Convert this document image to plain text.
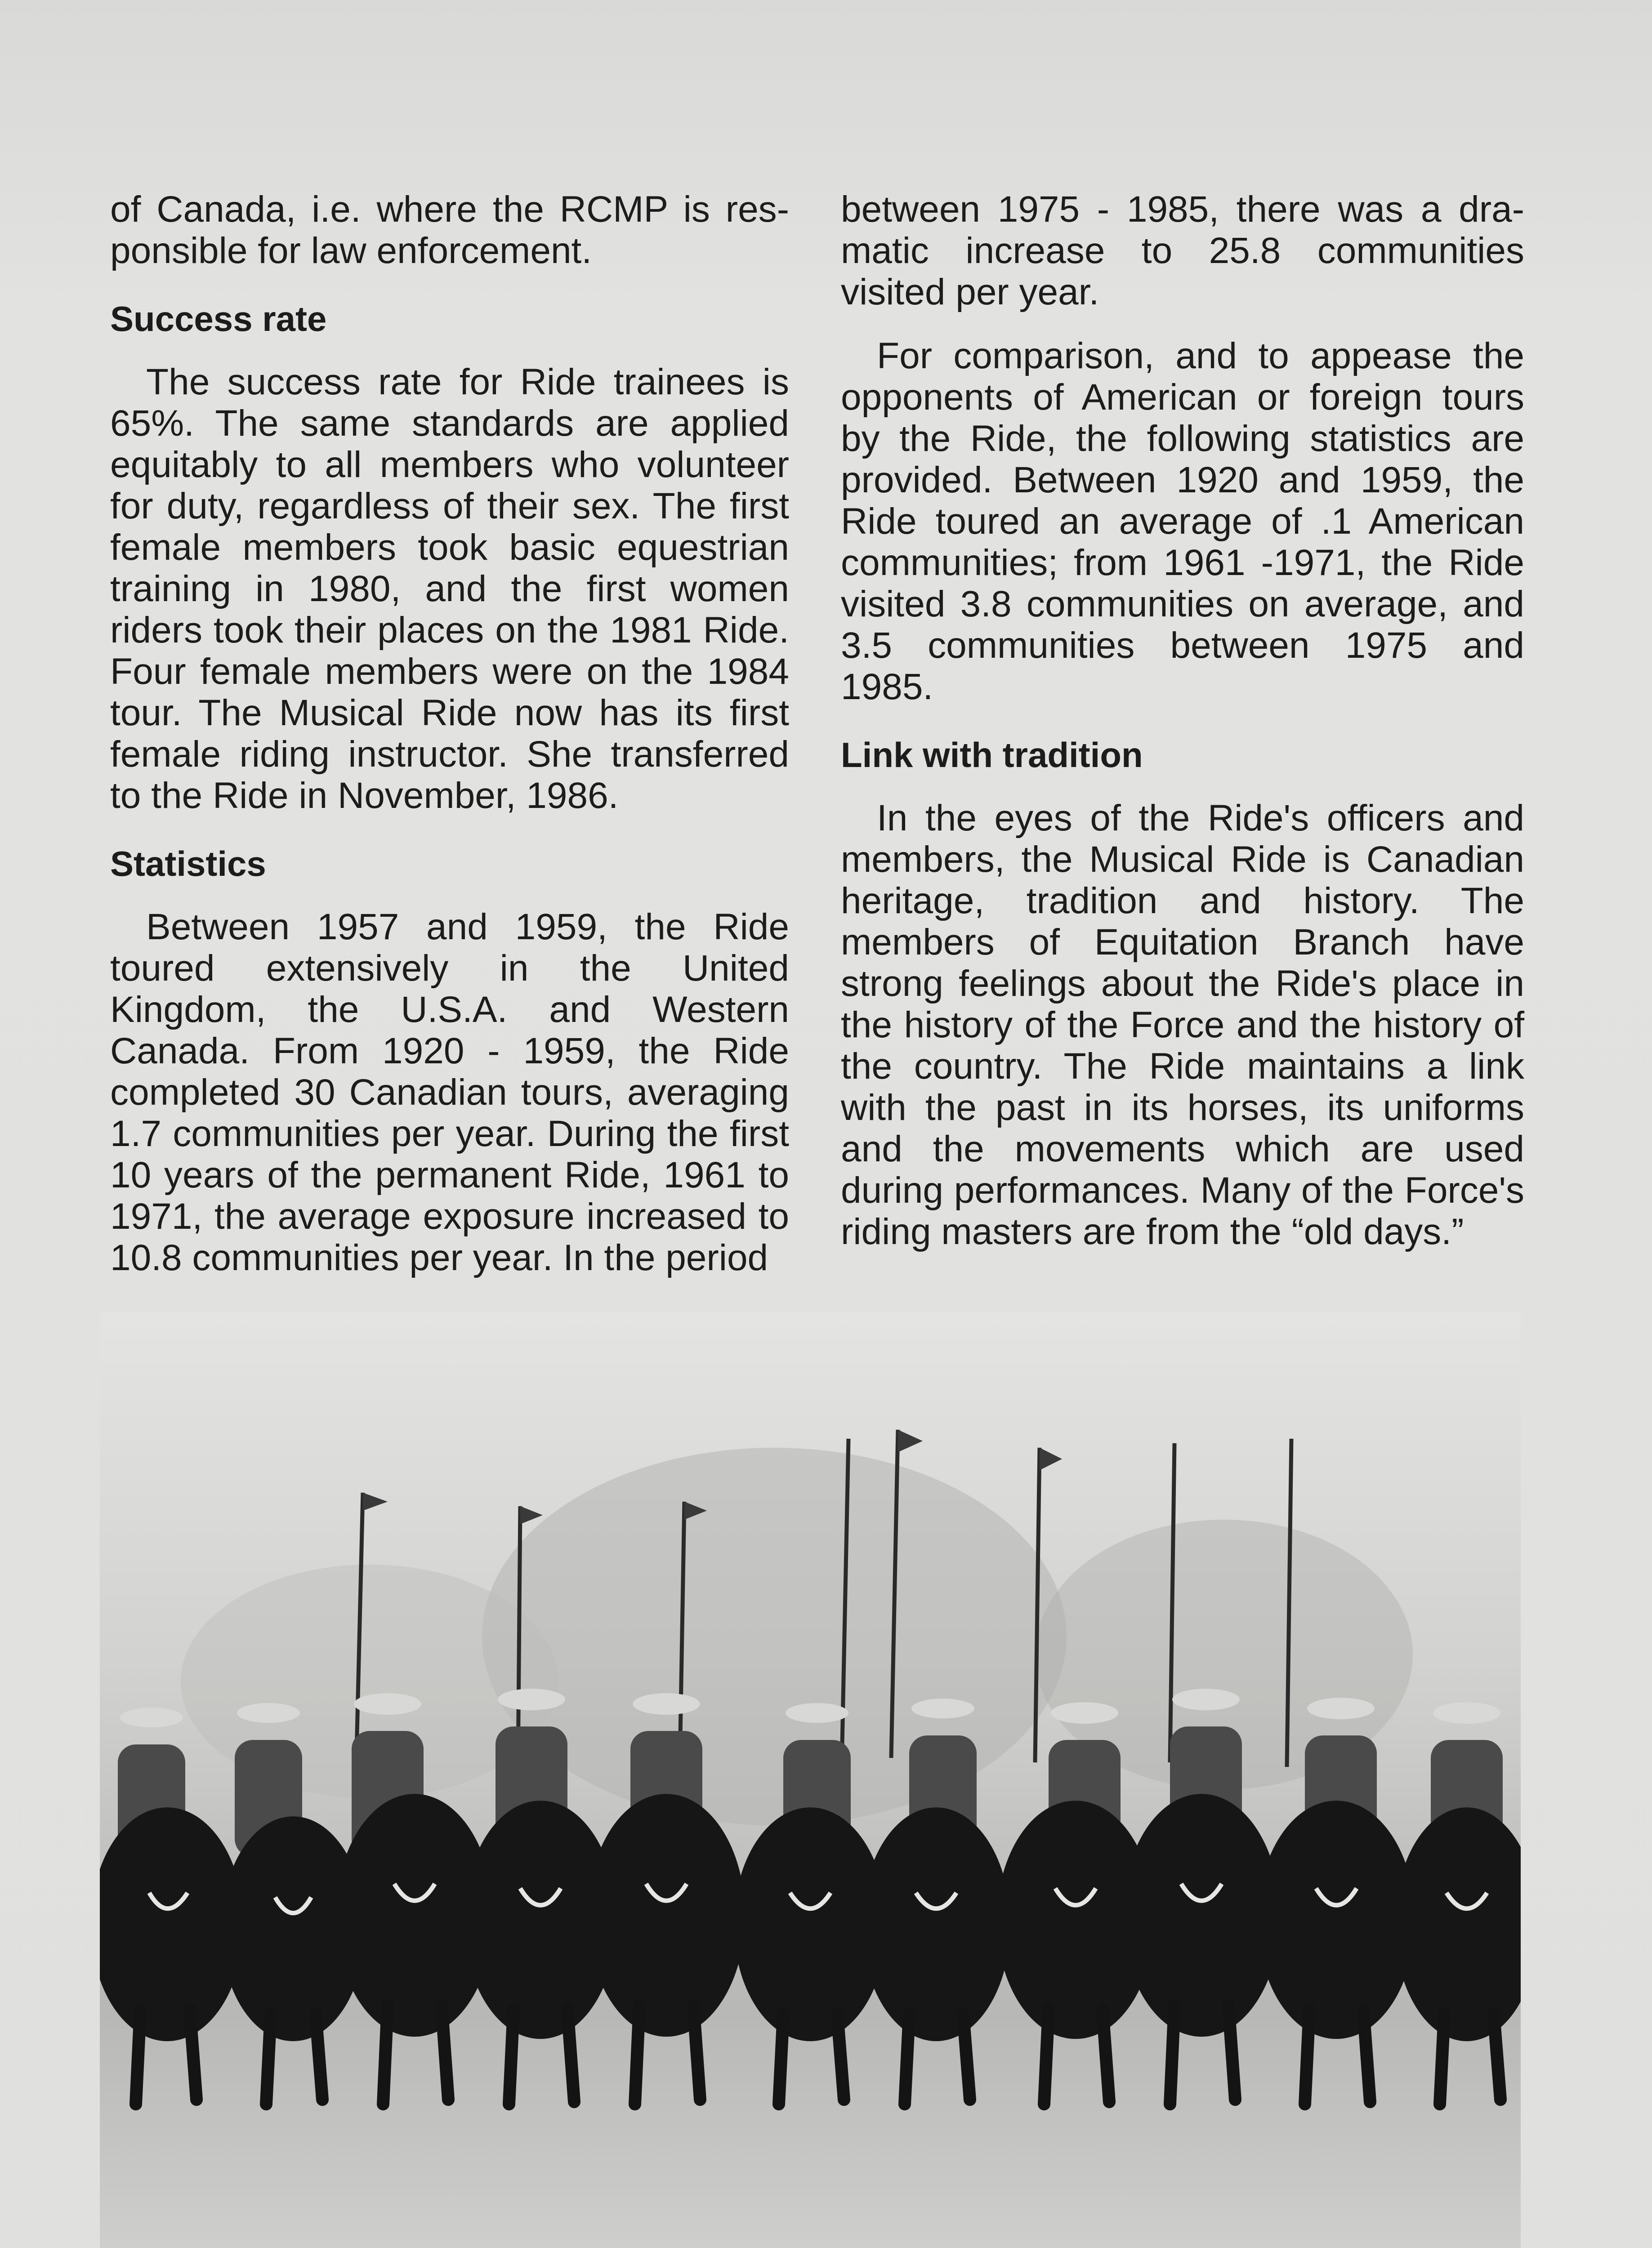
of Canada, i.e. where the RCMP is responsible for law enforcement.

Success rate

The success rate for Ride trainees is 65%. The same standards are applied equitably to all members who volunteer for duty, regardless of their sex. The first female members took basic equestrian training in 1980, and the first women riders took their places on the 1981 Ride. Four female members were on the 1984 tour. The Musical Ride now has its first female riding instructor. She transferred to the Ride in November, 1986.

Statistics

Between 1957 and 1959, the Ride toured extensively in the United Kingdom, the U.S.A. and Western Canada. From 1920 - 1959, the Ride completed 30 Canadian tours, averaging 1.7 communities per year. During the first 10 years of the permanent Ride, 1961 to 1971, the average exposure increased to 10.8 communities per year. In the period

between 1975 - 1985, there was a dramatic increase to 25.8 communities visited per year.

For comparison, and to appease the opponents of American or foreign tours by the Ride, the following statistics are provided. Between 1920 and 1959, the Ride toured an average of .1 American communities; from 1961 -1971, the Ride visited 3.8 communities on average, and 3.5 communities between 1975 and 1985.

Link with tradition

In the eyes of the Ride's officers and members, the Musical Ride is Canadian heritage, tradition and history. The members of Equitation Branch have strong feelings about the Ride's place in the history of the Force and the history of the country. The Ride maintains a link with the past in its horses, its uniforms and the movements which are used during performances. Many of the Force's riding masters are from the “old days.”
